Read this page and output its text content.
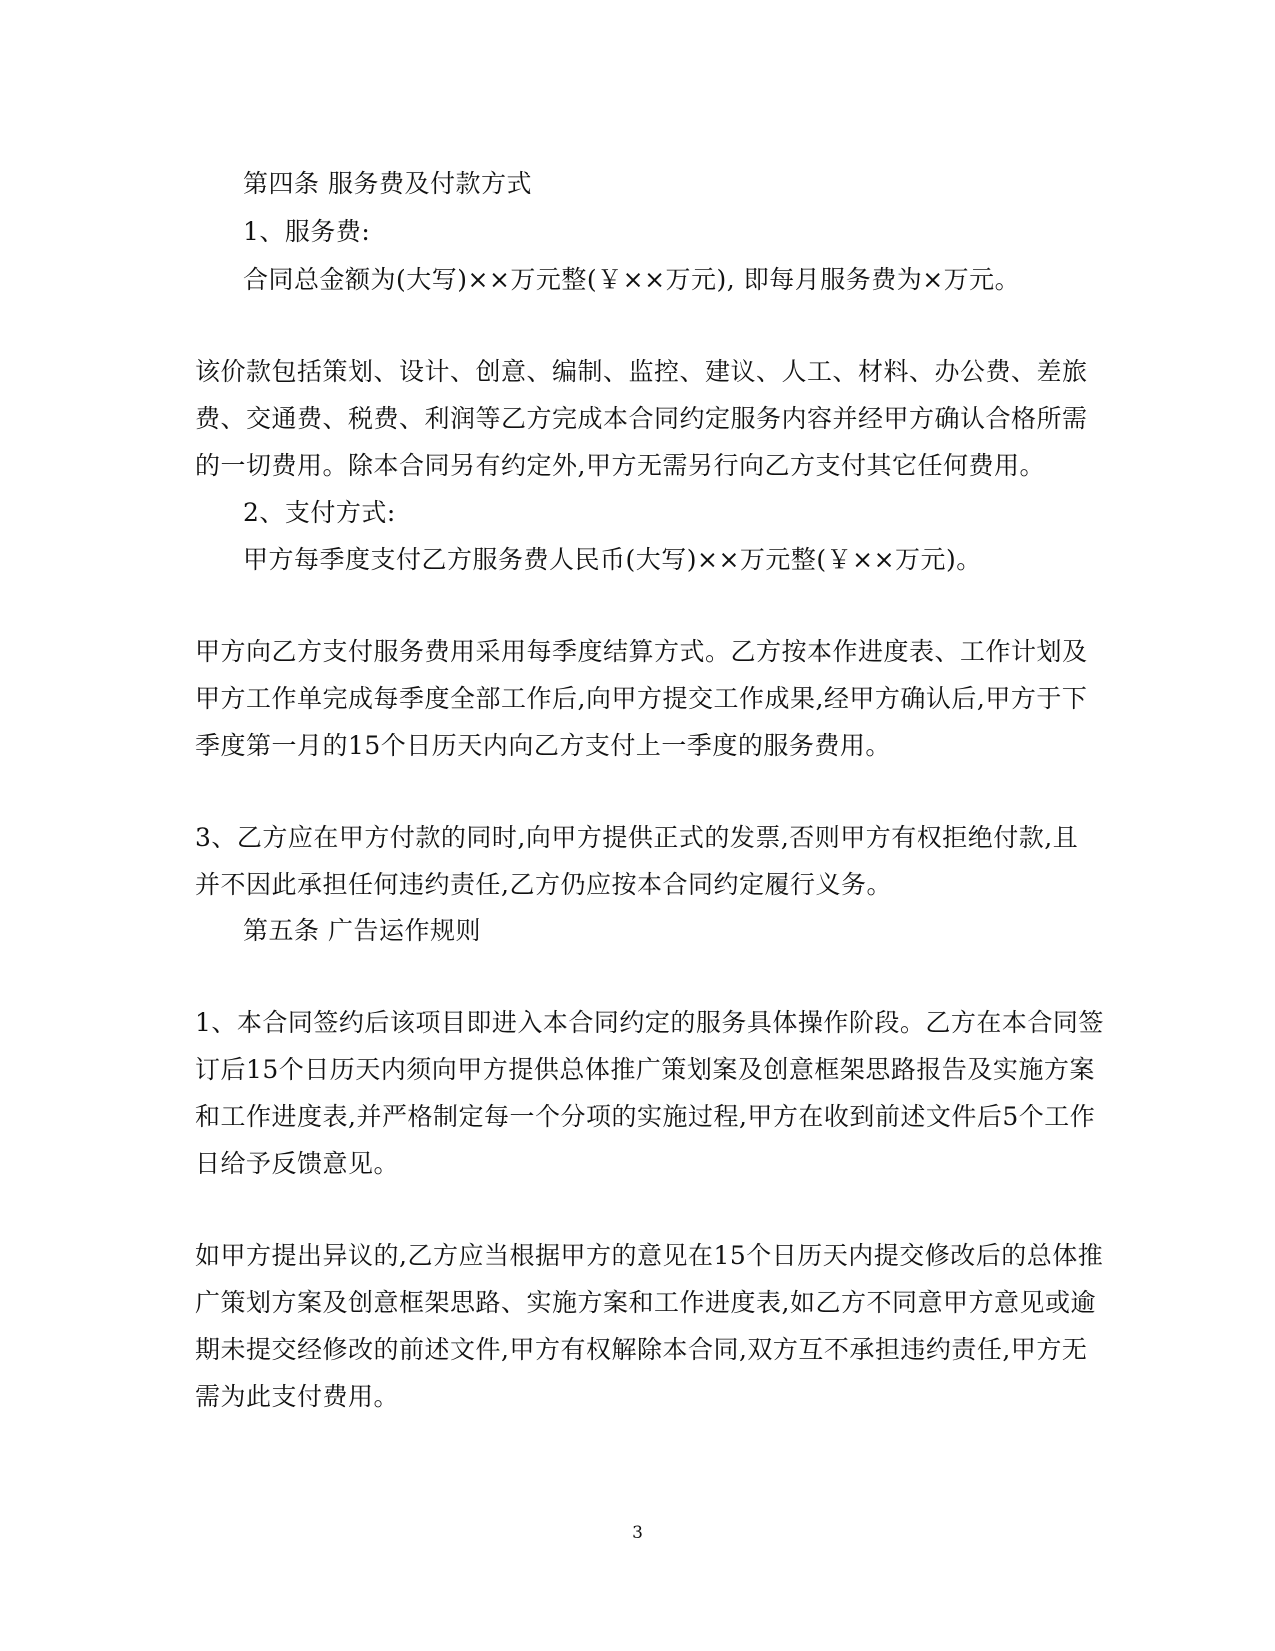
第四条 服务费及付款方式
1、服务费:
合同总金额为(大写)××万元整(￥××万元), 即每月服务费为×万元。
该价款包括策划、设计、创意、编制、监控、建议、人工、材料、办公费、差旅
费、交通费、税费、利润等乙方完成本合同约定服务内容并经甲方确认合格所需
的一切费用。除本合同另有约定外,甲方无需另行向乙方支付其它任何费用。
2、支付方式:
甲方每季度支付乙方服务费人民币(大写)××万元整(￥××万元)。
甲方向乙方支付服务费用采用每季度结算方式。乙方按本作进度表、工作计划及
甲方工作单完成每季度全部工作后,向甲方提交工作成果,经甲方确认后,甲方于下
季度第一月的15个日历天内向乙方支付上一季度的服务费用。
3、乙方应在甲方付款的同时,向甲方提供正式的发票,否则甲方有权拒绝付款,且
并不因此承担任何违约责任,乙方仍应按本合同约定履行义务。
第五条 广告运作规则
1、本合同签约后该项目即进入本合同约定的服务具体操作阶段。乙方在本合同签
订后15个日历天内须向甲方提供总体推广策划案及创意框架思路报告及实施方案
和工作进度表,并严格制定每一个分项的实施过程,甲方在收到前述文件后5个工作
日给予反馈意见。
如甲方提出异议的,乙方应当根据甲方的意见在15个日历天内提交修改后的总体推
广策划方案及创意框架思路、实施方案和工作进度表,如乙方不同意甲方意见或逾
期未提交经修改的前述文件,甲方有权解除本合同,双方互不承担违约责任,甲方无
需为此支付费用。
3
